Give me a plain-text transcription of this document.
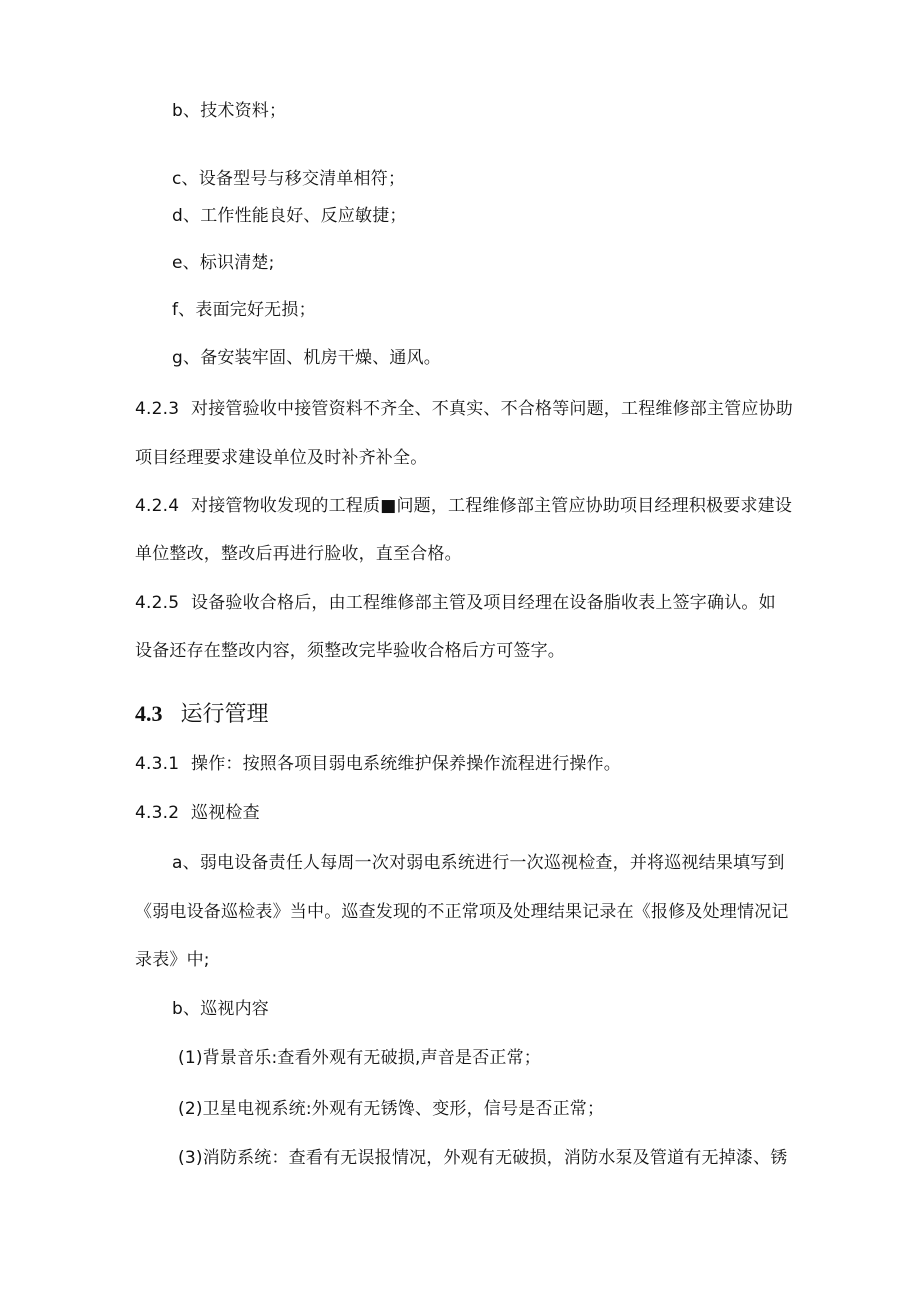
b、技术资料；
c、设备型号与移交清单相符；
d、工作性能良好、反应敏捷；
e、标识清楚;
f、表面完好无损；
g、备安装牢固、机房干燥、通风。
4.2.3 对接管验收中接管资料不齐全、不真实、不合格等问题，工程维修部主管应协助
项目经理要求建设单位及时补齐补全。
4.2.4 对接管物收发现的工程质■问题，工程维修部主管应协助项目经理积极要求建设
单位整改，整改后再进行脸收，直至合格。
4.2.5 设备验收合格后，由工程维修部主管及项目经理在设备脂收表上签字确认。如
设备还存在整改内容，须整改完毕验收合格后方可签字。
4.3 运行管理
4.3.1 操作：按照各项目弱电系统维护保养操作流程进行操作。
4.3.2 巡视检查
a、弱电设备责任人每周一次对弱电系统进行一次巡视检查，并将巡视结果填写到
《弱电设备巡检表》当中。巡查发现的不正常项及处理结果记录在《报修及处理情况记
录表》中;
b、巡视内容
(1)背景音乐:查看外观有无破损,声音是否正常；
(2)卫星电视系统:外观有无锈馋、变形，信号是否正常；
(3)消防系统：查看有无误报情况，外观有无破损，消防水泵及管道有无掉漆、锈
